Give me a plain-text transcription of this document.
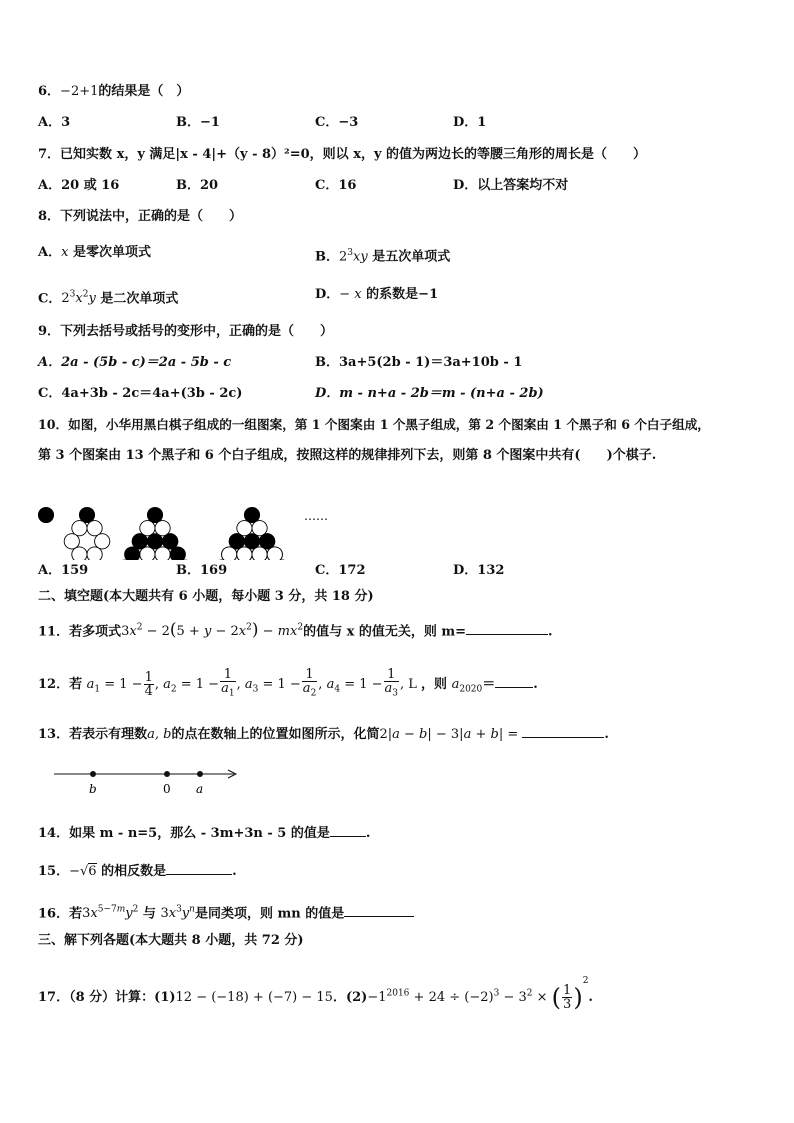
6．−2+1的结果是（　）
A．3	B．−1	C．−3	D．1
7．已知实数 x，y 满足|x - 4|+（y - 8）²=0，则以 x，y 的值为两边长的等腰三角形的周长是（　　）
A．20 或 16	B．20	C．16	D．以上答案均不对
8．下列说法中，正确的是（　　）
A．x 是零次单项式	B．$2^3xy$ 是五次单项式
C．$2^3x^2y$ 是二次单项式	D．− x 的系数是−1
9．下列去括号或括号的变形中，正确的是（　　）
A．2a - (5b - c)＝2a - 5b - c	B．3a+5(2b - 1)＝3a+10b - 1
C．4a+3b - 2c＝4a+(3b - 2c)	D．m - n+a - 2b＝m - (n+a - 2b)
10．如图，小华用黑白棋子组成的一组图案，第 1 个图案由 1 个黑子组成，第 2 个图案由 1 个黑子和 6 个白子组成，
第 3 个图案由 13 个黑子和 6 个白子组成，按照这样的规律排列下去，则第 8 个图案中共有(　　)个棋子.
……
A．159	B．169	C．172	D．132
二、填空题(本大题共有 6 小题，每小题 3 分，共 18 分)
11．若多项式$3x^2 - 2(5 + y - 2x^2) - mx^2$的值与 x 的值无关，则 m=	.
12．若 $a_1 = 1 - \frac{1}{4}$ , $a_2 = 1 - \frac{1}{a_1}$ , $a_3 = 1 - \frac{1}{a_2}$ , $a_4 = 1 - \frac{1}{a_3}$ , L ，则 $a_{2020}=$	.
13．若表示有理数a, b的点在数轴上的位置如图所示，化简2|a − b| − 3|a + b| =	.
b	0 a
14．如果 m - n=5，那么 - 3m+3n - 5 的值是	.
15．−√6 的相反数是	.
16．若$3x^{5-7m}y^2$ 与 $3x^3y^n$是同类项，则 mn 的值是
三、解下列各题(本大题共 8 小题，共 72 分)
17．（8 分）计算：(1)12 − (−18) + (−7) − 15．$(2)-1^{2016} + 24 \div (-2)^3 - 3^2$ × ( $\frac{1}{3} )^2$.
